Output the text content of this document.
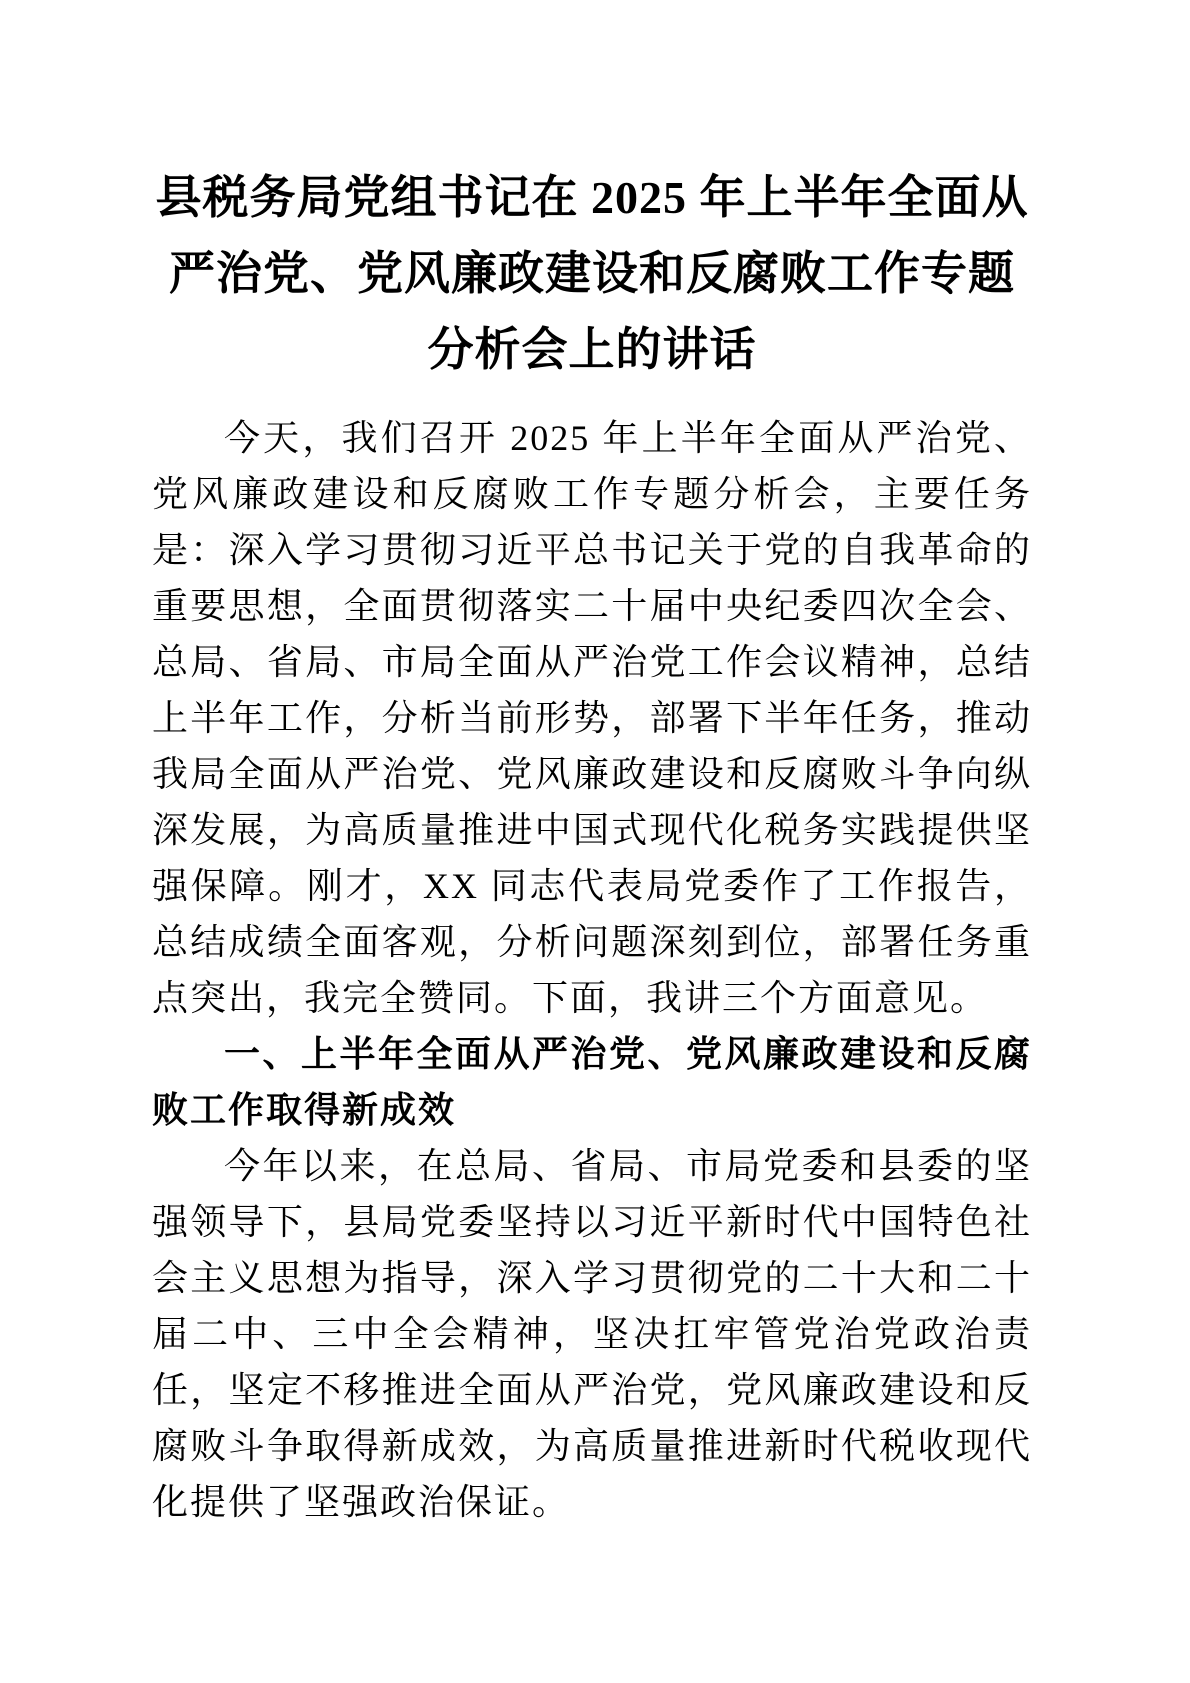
县税务局党组书记在 2025 年上半年全面从严治党、党风廉政建设和反腐败工作专题分析会上的讲话

今天，我们召开 2025 年上半年全面从严治党、党风廉政建设和反腐败工作专题分析会，主要任务是：深入学习贯彻习近平总书记关于党的自我革命的重要思想，全面贯彻落实二十届中央纪委四次全会、总局、省局、市局全面从严治党工作会议精神，总结上半年工作，分析当前形势，部署下半年任务，推动我局全面从严治党、党风廉政建设和反腐败斗争向纵深发展，为高质量推进中国式现代化税务实践提供坚强保障。刚才，XX 同志代表局党委作了工作报告，总结成绩全面客观，分析问题深刻到位，部署任务重点突出，我完全赞同。下面，我讲三个方面意见。

一、上半年全面从严治党、党风廉政建设和反腐败工作取得新成效

今年以来，在总局、省局、市局党委和县委的坚强领导下，县局党委坚持以习近平新时代中国特色社会主义思想为指导，深入学习贯彻党的二十大和二十届二中、三中全会精神，坚决扛牢管党治党政治责任，坚定不移推进全面从严治党，党风廉政建设和反腐败斗争取得新成效，为高质量推进新时代税收现代化提供了坚强政治保证。
